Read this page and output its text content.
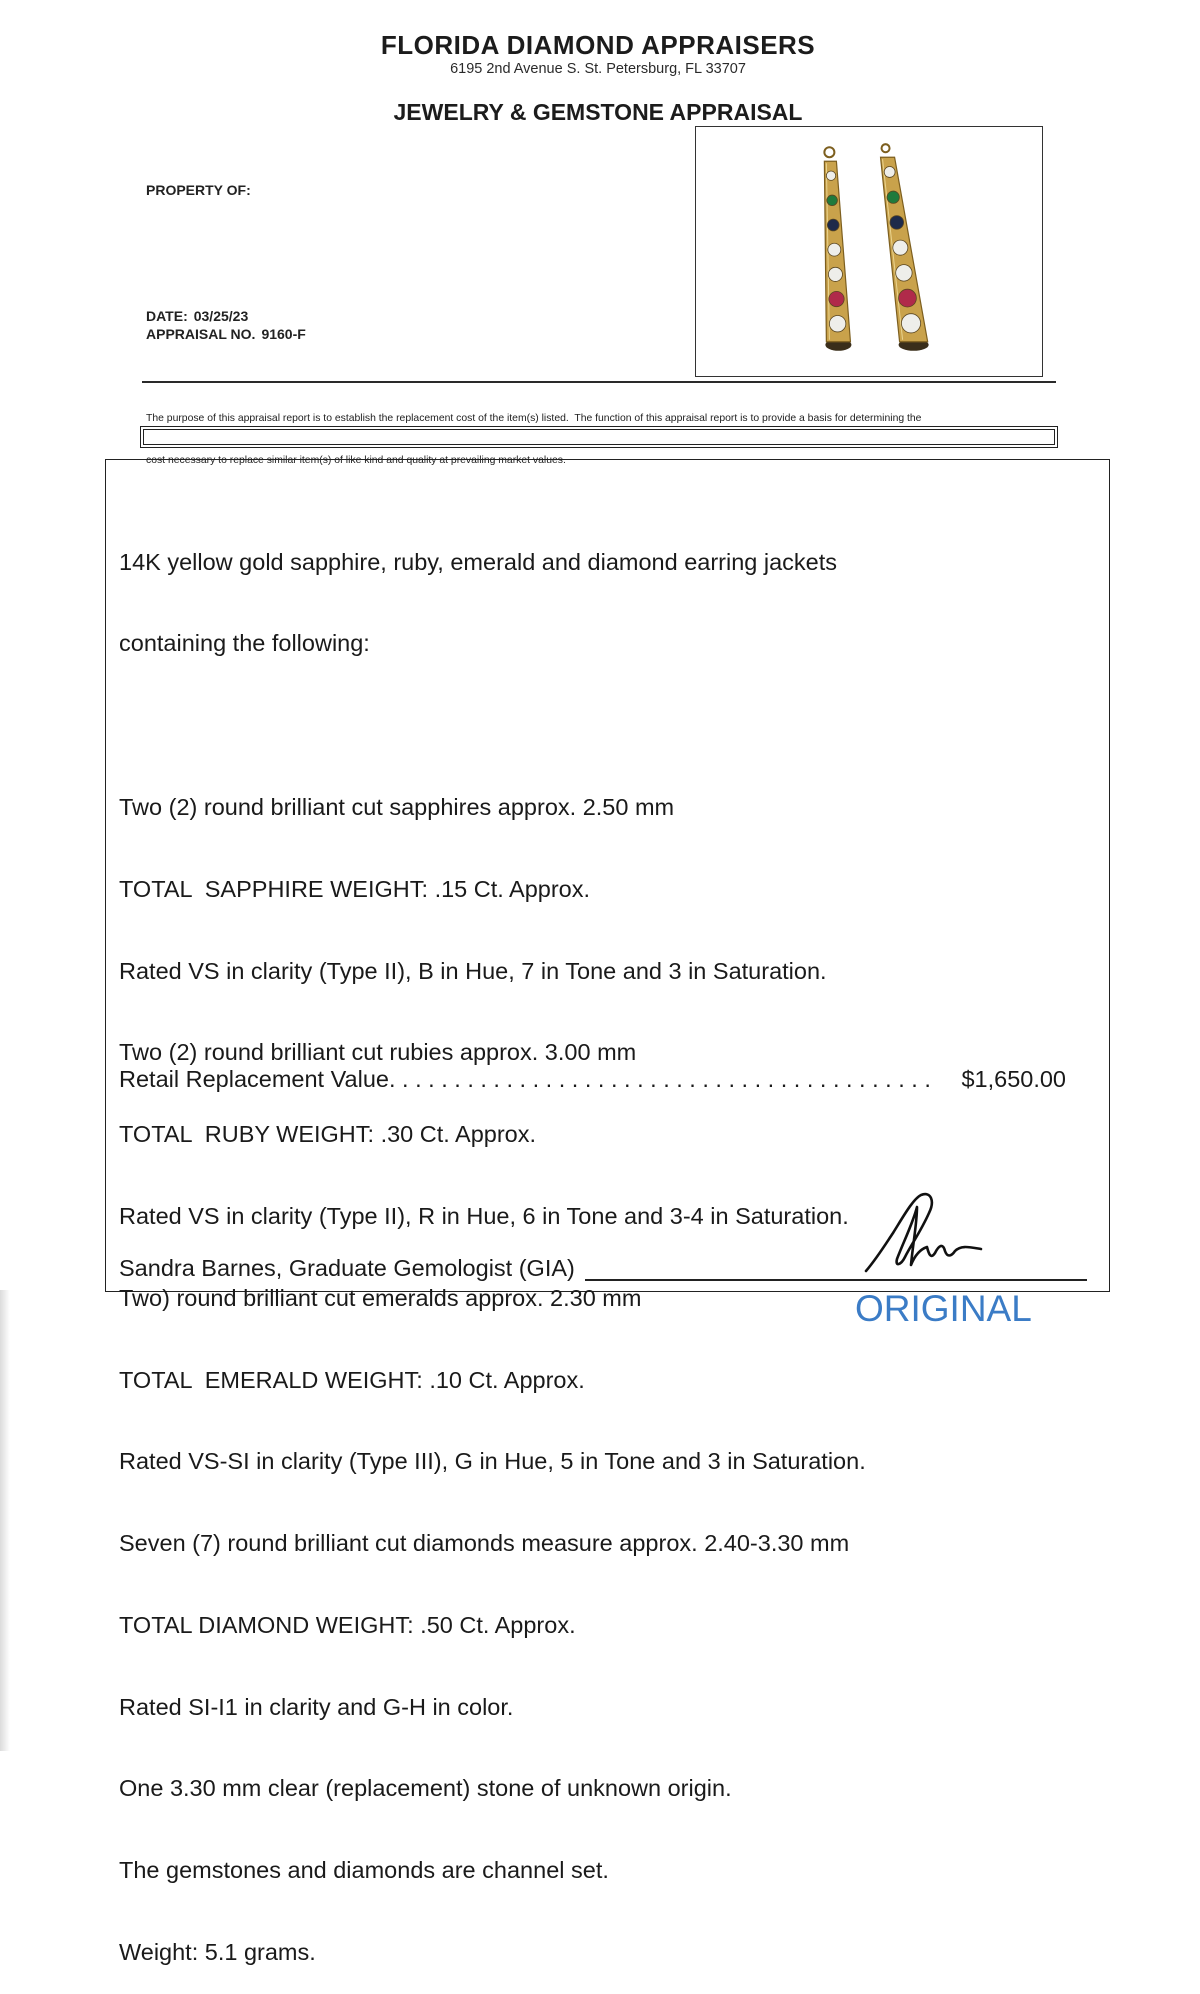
FLORIDA DIAMOND APPRAISERS
6195 2nd Avenue S. St. Petersburg, FL 33707
JEWELRY & GEMSTONE APPRAISAL
PROPERTY OF:
DATE: 03/25/23
APPRAISAL NO. 9160-F

The purpose of this appraisal report is to establish the replacement cost of the item(s) listed.  The function of this appraisal report is to provide a basis for determining the

cost necessary to replace similar item(s) of like kind and quality at prevailing market values.

14K yellow gold sapphire, ruby, emerald and diamond earring jackets

containing the following:

Two (2) round brilliant cut sapphires approx. 2.50 mm

TOTAL  SAPPHIRE WEIGHT: .15 Ct. Approx.

Rated VS in clarity (Type II), B in Hue, 7 in Tone and 3 in Saturation.

Two (2) round brilliant cut rubies approx. 3.00 mm

TOTAL  RUBY WEIGHT: .30 Ct. Approx.

Rated VS in clarity (Type II), R in Hue, 6 in Tone and 3-4 in Saturation.

Two) round brilliant cut emeralds approx. 2.30 mm

TOTAL  EMERALD WEIGHT: .10 Ct. Approx.

Rated VS-SI in clarity (Type III), G in Hue, 5 in Tone and 3 in Saturation.

Seven (7) round brilliant cut diamonds measure approx. 2.40-3.30 mm

TOTAL DIAMOND WEIGHT: .50 Ct. Approx.

Rated SI-I1 in clarity and G-H in color.

One 3.30 mm clear (replacement) stone of unknown origin.

The gemstones and diamonds are channel set.

Weight: 5.1 grams.

Retail Replacement Value . . . . . . . . . . . . . . . . . . . . . . . . . . . . . . . . . . . . . . . . . . $1,650.00
Sandra Barnes, Graduate Gemologist (GIA)
ORIGINAL
